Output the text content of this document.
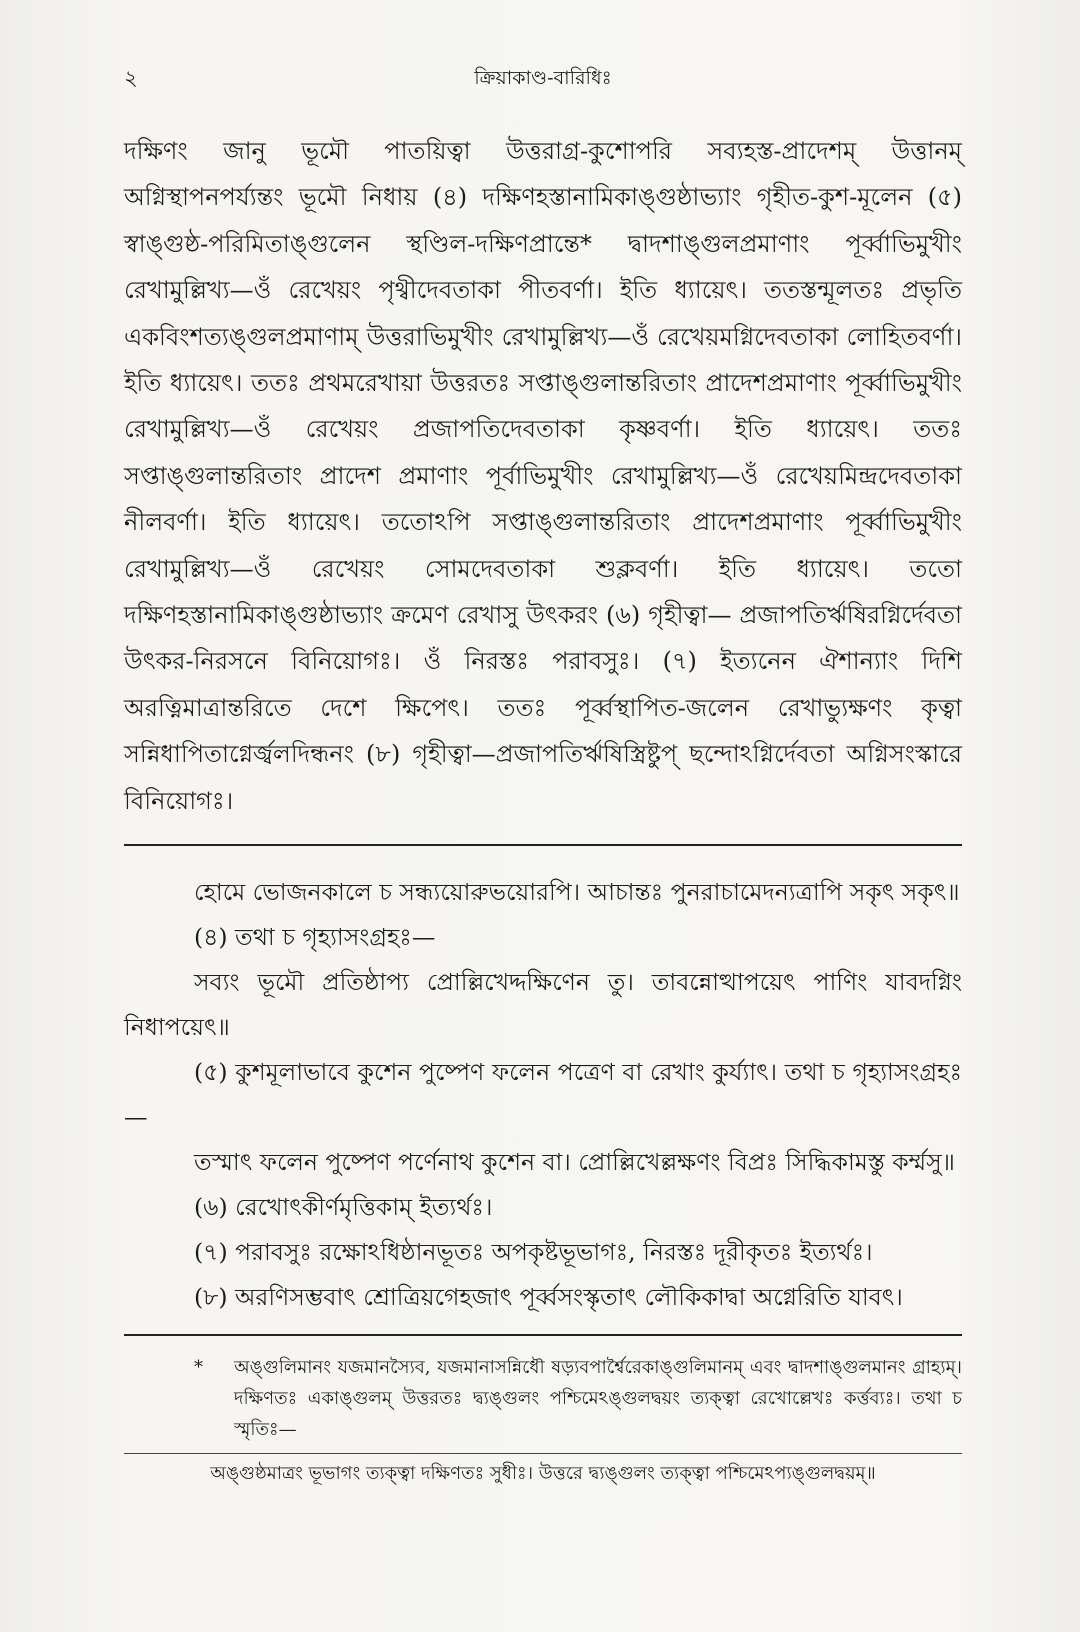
২	ক্রিয়াকাণ্ড-বারিধিঃ

দক্ষিণং জানু ভূমৌ পাতয়িত্বা উত্তরাগ্র-কুশোপরি সব্যহস্ত-প্রাদেশম্ উত্তানম্ অগ্নিস্থাপনপর্য্যন্তং ভূমৌ নিধায় (৪) দক্ষিণহস্তানামিকাঙ্গুষ্ঠাভ্যাং গৃহীত-কুশ-মূলেন (৫) স্বাঙ্গুষ্ঠ-পরিমিতাঙ্গুলেন স্থণ্ডিল-দক্ষিণপ্রান্তে* দ্বাদশাঙ্গুলপ্রমাণাং পূর্ব্বাভিমুখীং রেখামুল্লিখ্য—ওঁ রেখেয়ং পৃথ্বীদেবতাকা পীতবর্ণা। ইতি ধ্যায়েৎ। ততস্তন্মূলতঃ প্রভৃতি একবিংশত্যঙ্গুলপ্রমাণাম্ উত্তরাভিমুখীং রেখামুল্লিখ্য—ওঁ রেখেয়মগ্নিদেবতাকা লোহিতবর্ণা। ইতি ধ্যায়েৎ। ততঃ প্রথমরেখায়া উত্তরতঃ সপ্তাঙ্গুলান্তরিতাং প্রাদেশপ্রমাণাং পূর্ব্বাভিমুখীং রেখামুল্লিখ্য—ওঁ রেখেয়ং প্রজাপতিদেবতাকা কৃষ্ণবর্ণা। ইতি ধ্যায়েৎ। ততঃ সপ্তাঙ্গুলান্তরিতাং প্রাদেশ প্রমাণাং পূর্বাভিমুখীং রেখামুল্লিখ্য—ওঁ রেখেয়মিন্দ্রদেবতাকা নীলবর্ণা। ইতি ধ্যায়েৎ। ততোঽপি সপ্তাঙ্গুলান্তরিতাং প্রাদেশপ্রমাণাং পূর্ব্বাভিমুখীং রেখামুল্লিখ্য—ওঁ রেখেয়ং সোমদেবতাকা শুক্লবর্ণা। ইতি ধ্যায়েৎ। ততো দক্ষিণহস্তানামিকাঙ্গুষ্ঠাভ্যাং ক্রমেণ রেখাসু উৎকরং (৬) গৃহীত্বা— প্রজাপতির্ঋষিরগ্নির্দেবতা উৎকর-নিরসনে বিনিয়োগঃ। ওঁ নিরস্তঃ পরাবসুঃ। (৭) ইত্যনেন ঐশান্যাং দিশি অরত্নিমাত্রান্তরিতে দেশে ক্ষিপেৎ। ততঃ পূর্ব্বস্থাপিত-জলেন রেখাভ্যুক্ষণং কৃত্বা সন্নিধাপিতাগ্নের্জ্বলদিন্ধনং (৮) গৃহীত্বা—প্রজাপতির্ঋষিস্ত্রিষ্টুপ্ ছন্দোঽগ্নির্দেবতা অগ্নিসংস্কারে বিনিয়োগঃ।

হোমে ভোজনকালে চ সন্ধ্যয়োরুভয়োরপি। আচান্তঃ পুনরাচামেদন্যত্রাপি সকৃৎ সকৃৎ॥

(৪) তথা চ গৃহ্যাসংগ্রহঃ—

সব্যং ভূমৌ প্রতিষ্ঠাপ্য প্রোল্লিখেদ্দক্ষিণেন তু। তাবন্নোত্থাপয়েৎ পাণিং যাবদগ্নিং নিধাপয়েৎ॥

(৫) কুশমূলাভাবে কুশেন পুষ্পেণ ফলেন পত্রেণ বা রেখাং কুর্য্যাৎ। তথা চ গৃহ্যাসংগ্রহঃ—

তস্মাৎ ফলেন পুষ্পেণ পর্ণেনাথ কুশেন বা। প্রোল্লিখেল্লক্ষণং বিপ্রঃ সিদ্ধিকামস্তু কর্ম্মসু॥

(৬) রেখোৎকীর্ণমৃত্তিকাম্ ইত্যর্থঃ।

(৭) পরাবসুঃ রক্ষোঽধিষ্ঠানভূতঃ অপকৃষ্টভূভাগঃ, নিরস্তঃ দূরীকৃতঃ ইত্যর্থঃ।

(৮) অরণিসম্ভবাৎ শ্রোত্রিয়গেহজাৎ পূর্ব্বসংস্কৃতাৎ লৌকিকাদ্বা অগ্নেরিতি যাবৎ।

*	অঙ্গুলিমানং যজমানস্যৈব, যজমানাসন্নিধৌ ষড়্যবপার্শ্বৈরেকাঙ্গুলিমানম্ এবং দ্বাদশাঙ্গুলমানং গ্রাহ্যম্। দক্ষিণতঃ একাঙ্গুলম্ উত্তরতঃ দ্ব্যঙ্গুলং পশ্চিমেঽঙ্গুলদ্বয়ং ত্যক্ত্বা রেখোল্লেখঃ কর্ত্তব্যঃ। তথা চ স্মৃতিঃ—
অঙ্গুষ্ঠমাত্রং ভূভাগং ত্যক্ত্বা দক্ষিণতঃ সুধীঃ। উত্তরে দ্ব্যঙ্গুলং ত্যক্ত্বা পশ্চিমেঽপ্যঙ্গুলদ্বয়ম্॥
